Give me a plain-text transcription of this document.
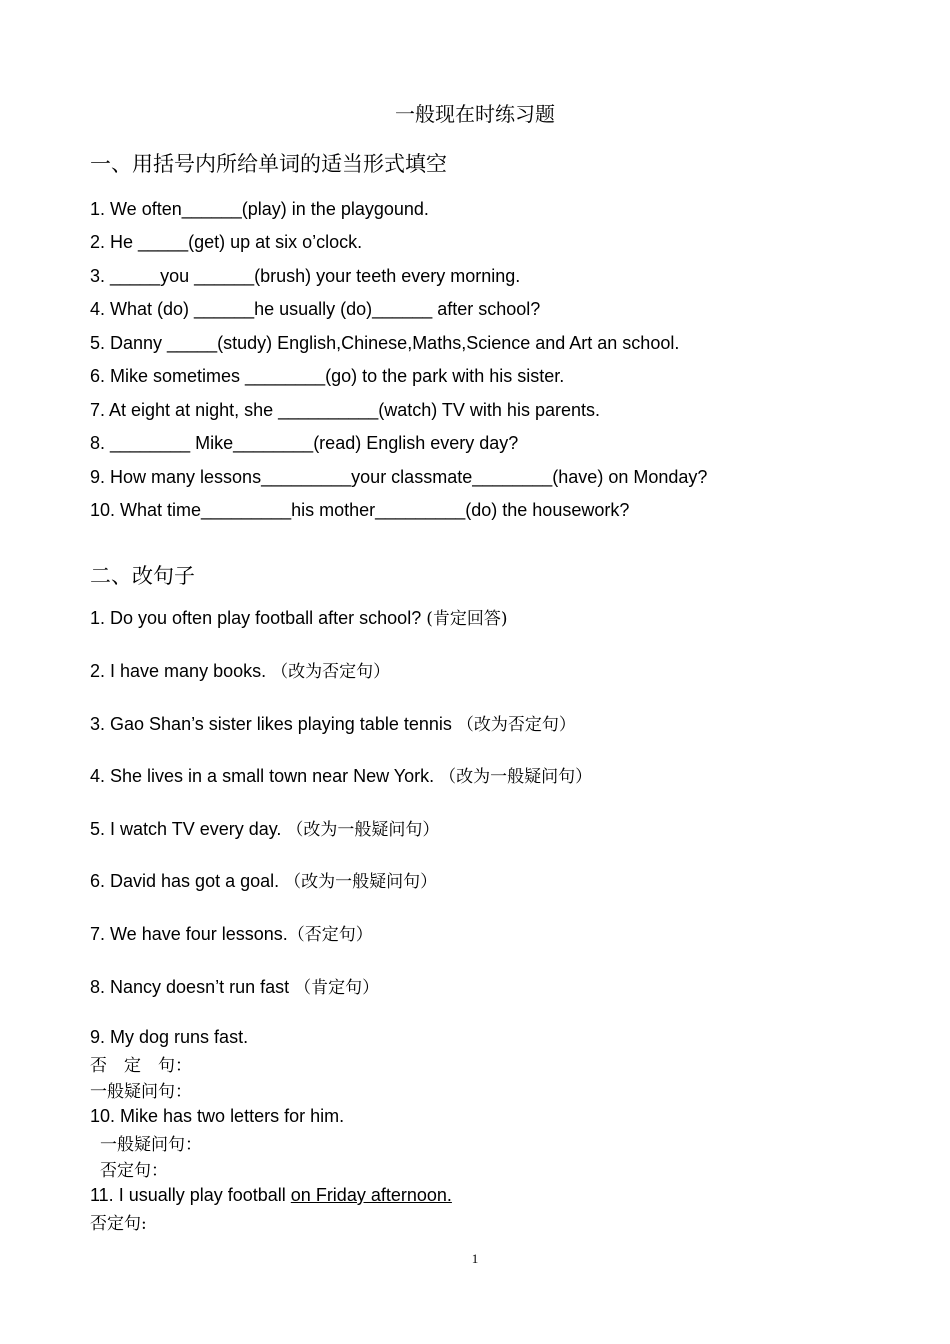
一般现在时练习题
一、用括号内所给单词的适当形式填空
1. We often______(play) in the playgound.
2. He _____(get) up at six o’clock.
3. _____you ______(brush) your teeth every morning.
4. What (do) ______he usually (do)______ after school?
5. Danny _____(study) English,Chinese,Maths,Science and Art an school.
6. Mike sometimes ________(go) to the park with his sister.
7. At eight at night, she __________(watch) TV with his parents.
8. ________ Mike________(read) English every day?
9. How many lessons_________your classmate________(have) on Monday?
10. What time_________his mother_________(do) the housework?
二、改句子
1. Do you often play football after school? (肯定回答)
2. I have many books. （改为否定句）
3. Gao Shan’s sister likes playing table tennis （改为否定句）
4. She lives in a small town near New York. （改为一般疑问句）
5. I watch TV every day. （改为一般疑问句）
6. David has got a goal. （改为一般疑问句）
7. We have four lessons.（否定句）
8. Nancy doesn’t run fast （肯定句）
9. My dog runs fast.
否　定　句：
一般疑问句：
10. Mike has two letters for him.
一般疑问句：
否定句：
11. I usually play football on Friday afternoon.
否定句:
1
